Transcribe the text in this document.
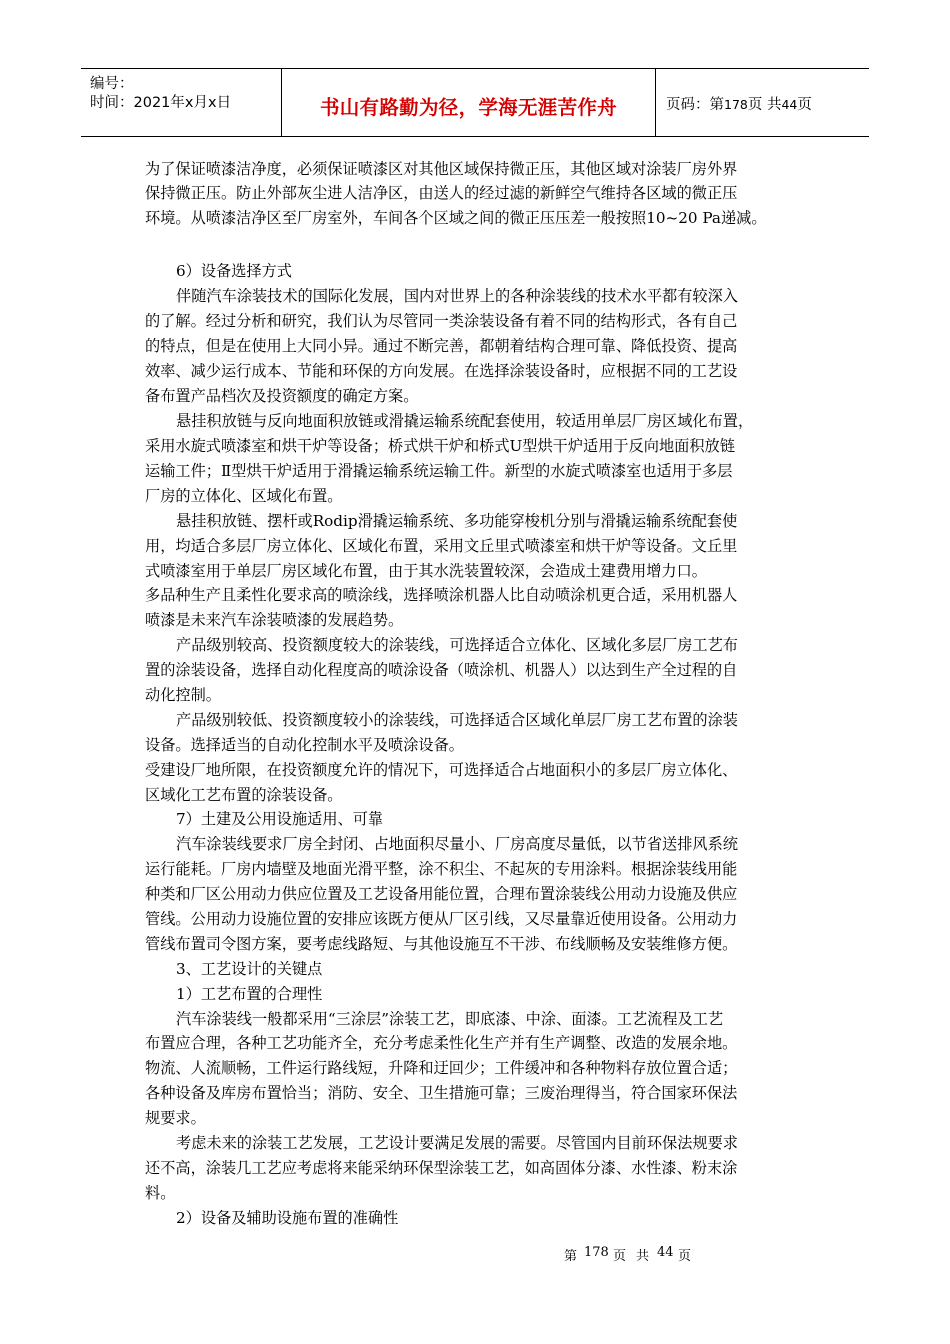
编号：
时间：2021年x月x日	书山有路勤为径，学海无涯苦作舟	页码：第178页 共44页
为了保证喷漆洁净度，必须保证喷漆区对其他区域保持微正压，其他区域对涂装厂房外界
保持微正压。防止外部灰尘进人洁净区，由送人的经过滤的新鲜空气维持各区域的微正压
环境。从喷漆洁净区至厂房室外，车间各个区域之间的微正压压差一般按照10~20 Pa递减。
6）设备选择方式
伴随汽车涂装技术的国际化发展，国内对世界上的各种涂装线的技术水平都有较深入
的了解。经过分析和研究，我们认为尽管同一类涂装设备有着不同的结构形式，各有自己
的特点，但是在使用上大同小异。通过不断完善，都朝着结构合理可靠、降低投资、提高
效率、减少运行成本、节能和环保的方向发展。在选择涂装设备时，应根据不同的工艺设
备布置产品档次及投资额度的确定方案。
悬挂积放链与反向地面积放链或滑撬运输系统配套使用，较适用单层厂房区域化布置，
采用水旋式喷漆室和烘干炉等设备；桥式烘干炉和桥式U型烘干炉适用于反向地面积放链
运输工件；Ⅱ型烘干炉适用于滑撬运输系统运输工件。新型的水旋式喷漆室也适用于多层
厂房的立体化、区域化布置。
悬挂积放链、摆杆或Rodip滑撬运输系统、多功能穿梭机分别与滑撬运输系统配套使
用，均适合多层厂房立体化、区域化布置，采用文丘里式喷漆室和烘干炉等设备。文丘里
式喷漆室用于单层厂房区域化布置，由于其水洗装置较深，会造成土建费用增力口。
多品种生产且柔性化要求高的喷涂线，选择喷涂机器人比自动喷涂机更合适，采用机器人
喷漆是未来汽车涂装喷漆的发展趋势。
产品级别较高、投资额度较大的涂装线，可选择适合立体化、区域化多层厂房工艺布
置的涂装设备，选择自动化程度高的喷涂设备（喷涂机、机器人）以达到生产全过程的自
动化控制。
产品级别较低、投资额度较小的涂装线，可选择适合区域化单层厂房工艺布置的涂装
设备。选择适当的自动化控制水平及喷涂设备。
受建设厂地所限，在投资额度允许的情况下，可选择适合占地面积小的多层厂房立体化、
区域化工艺布置的涂装设备。
7）土建及公用设施适用、可靠
汽车涂装线要求厂房全封闭、占地面积尽量小、厂房高度尽量低，以节省送排风系统
运行能耗。厂房内墙壁及地面光滑平整，涂不积尘、不起灰的专用涂料。根据涂装线用能
种类和厂区公用动力供应位置及工艺设备用能位置，合理布置涂装线公用动力设施及供应
管线。公用动力设施位置的安排应该既方便从厂区引线，又尽量靠近使用设备。公用动力
管线布置司令图方案，要考虑线路短、与其他设施互不干涉、布线顺畅及安装维修方便。
3、工艺设计的关键点
1）工艺布置的合理性
汽车涂装线一般都采用“三涂层”涂装工艺，即底漆、中涂、面漆。工艺流程及工艺
布置应合理，各种工艺功能齐全，充分考虑柔性化生产并有生产调整、改造的发展余地。
物流、人流顺畅，工件运行路线短，升降和迂回少；工件缓冲和各种物料存放位置合适；
各种设备及库房布置恰当；消防、安全、卫生措施可靠；三废治理得当，符合国家环保法
规要求。
考虑未来的涂装工艺发展，工艺设计要满足发展的需要。尽管国内目前环保法规要求
还不高，涂装几工艺应考虑将来能采纳环保型涂装工艺，如高固体分漆、水性漆、粉末涂
料。
2）设备及辅助设施布置的准确性
第 178 页 共 44 页
